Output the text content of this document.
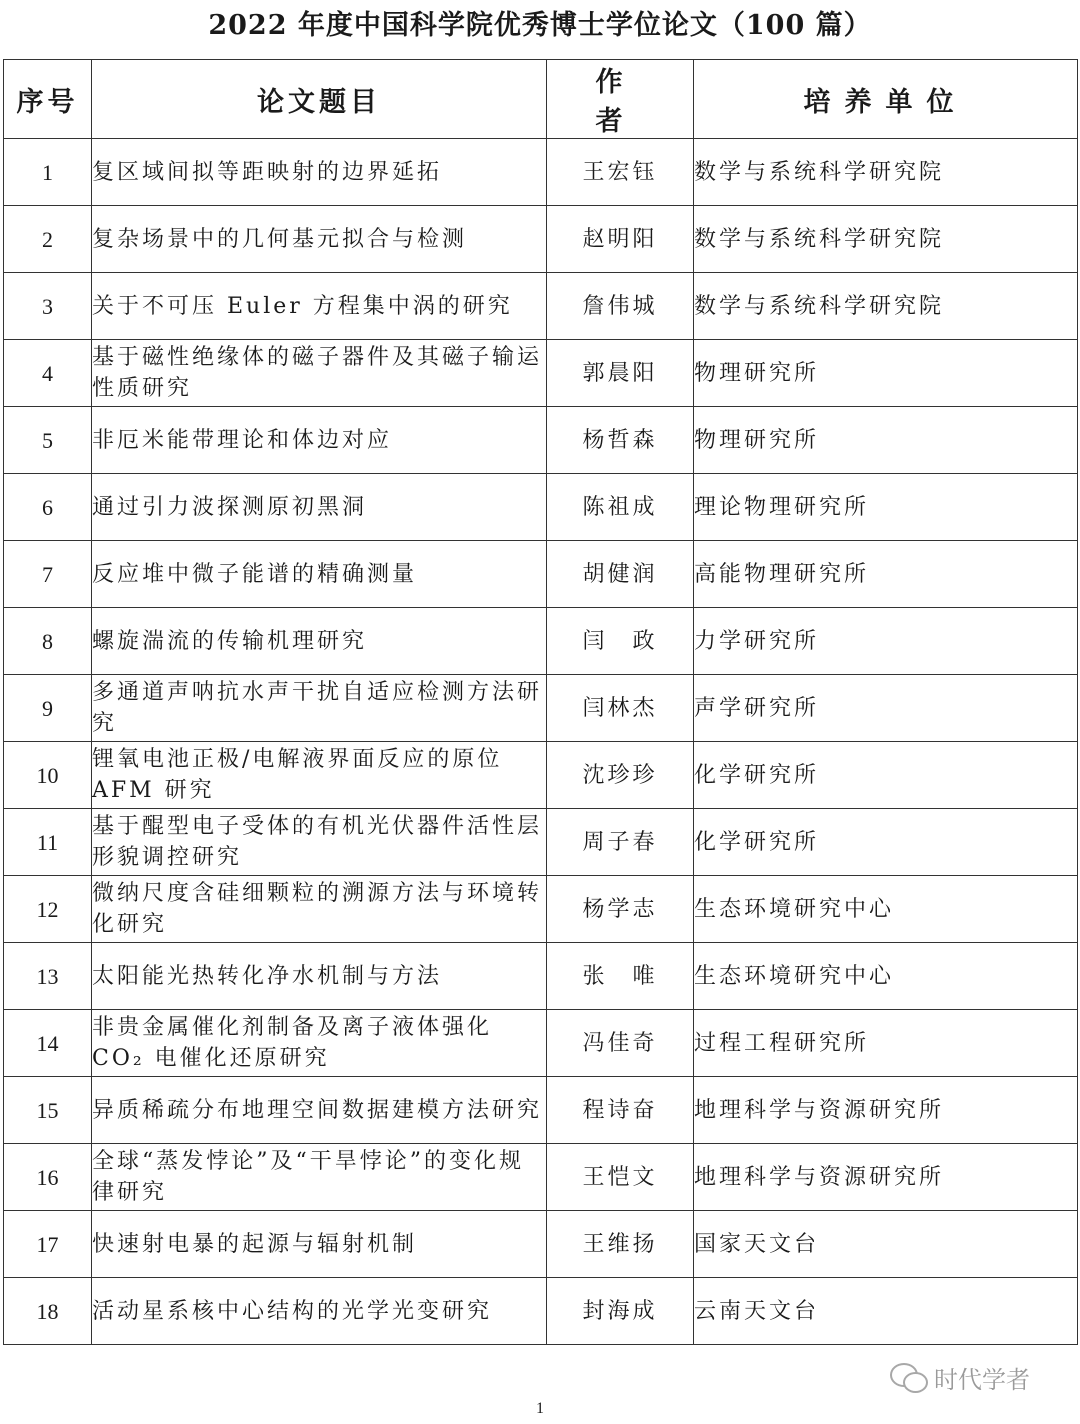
2022 年度中国科学院优秀博士学位论文（100 篇）
序号	论文题目	作　者	培养单位
1	复区域间拟等距映射的边界延拓	王宏钰	数学与系统科学研究院
2	复杂场景中的几何基元拟合与检测	赵明阳	数学与系统科学研究院
3	关于不可压 Euler 方程集中涡的研究	詹伟城	数学与系统科学研究院
4	基于磁性绝缘体的磁子器件及其磁子输运性质研究	郭晨阳	物理研究所
5	非厄米能带理论和体边对应	杨哲森	物理研究所
6	通过引力波探测原初黑洞	陈祖成	理论物理研究所
7	反应堆中微子能谱的精确测量	胡健润	高能物理研究所
8	螺旋湍流的传输机理研究	闫　政	力学研究所
9	多通道声呐抗水声干扰自适应检测方法研究	闫林杰	声学研究所
10	锂氧电池正极/电解液界面反应的原位 AFM 研究	沈珍珍	化学研究所
11	基于醌型电子受体的有机光伏器件活性层形貌调控研究	周子春	化学研究所
12	微纳尺度含硅细颗粒的溯源方法与环境转化研究	杨学志	生态环境研究中心
13	太阳能光热转化净水机制与方法	张　唯	生态环境研究中心
14	非贵金属催化剂制备及离子液体强化 CO₂ 电催化还原研究	冯佳奇	过程工程研究所
15	异质稀疏分布地理空间数据建模方法研究	程诗奋	地理科学与资源研究所
16	全球“蒸发悖论”及“干旱悖论”的变化规律研究	王恺文	地理科学与资源研究所
17	快速射电暴的起源与辐射机制	王维扬	国家天文台
18	活动星系核中心结构的光学光变研究	封海成	云南天文台
时代学者
1
